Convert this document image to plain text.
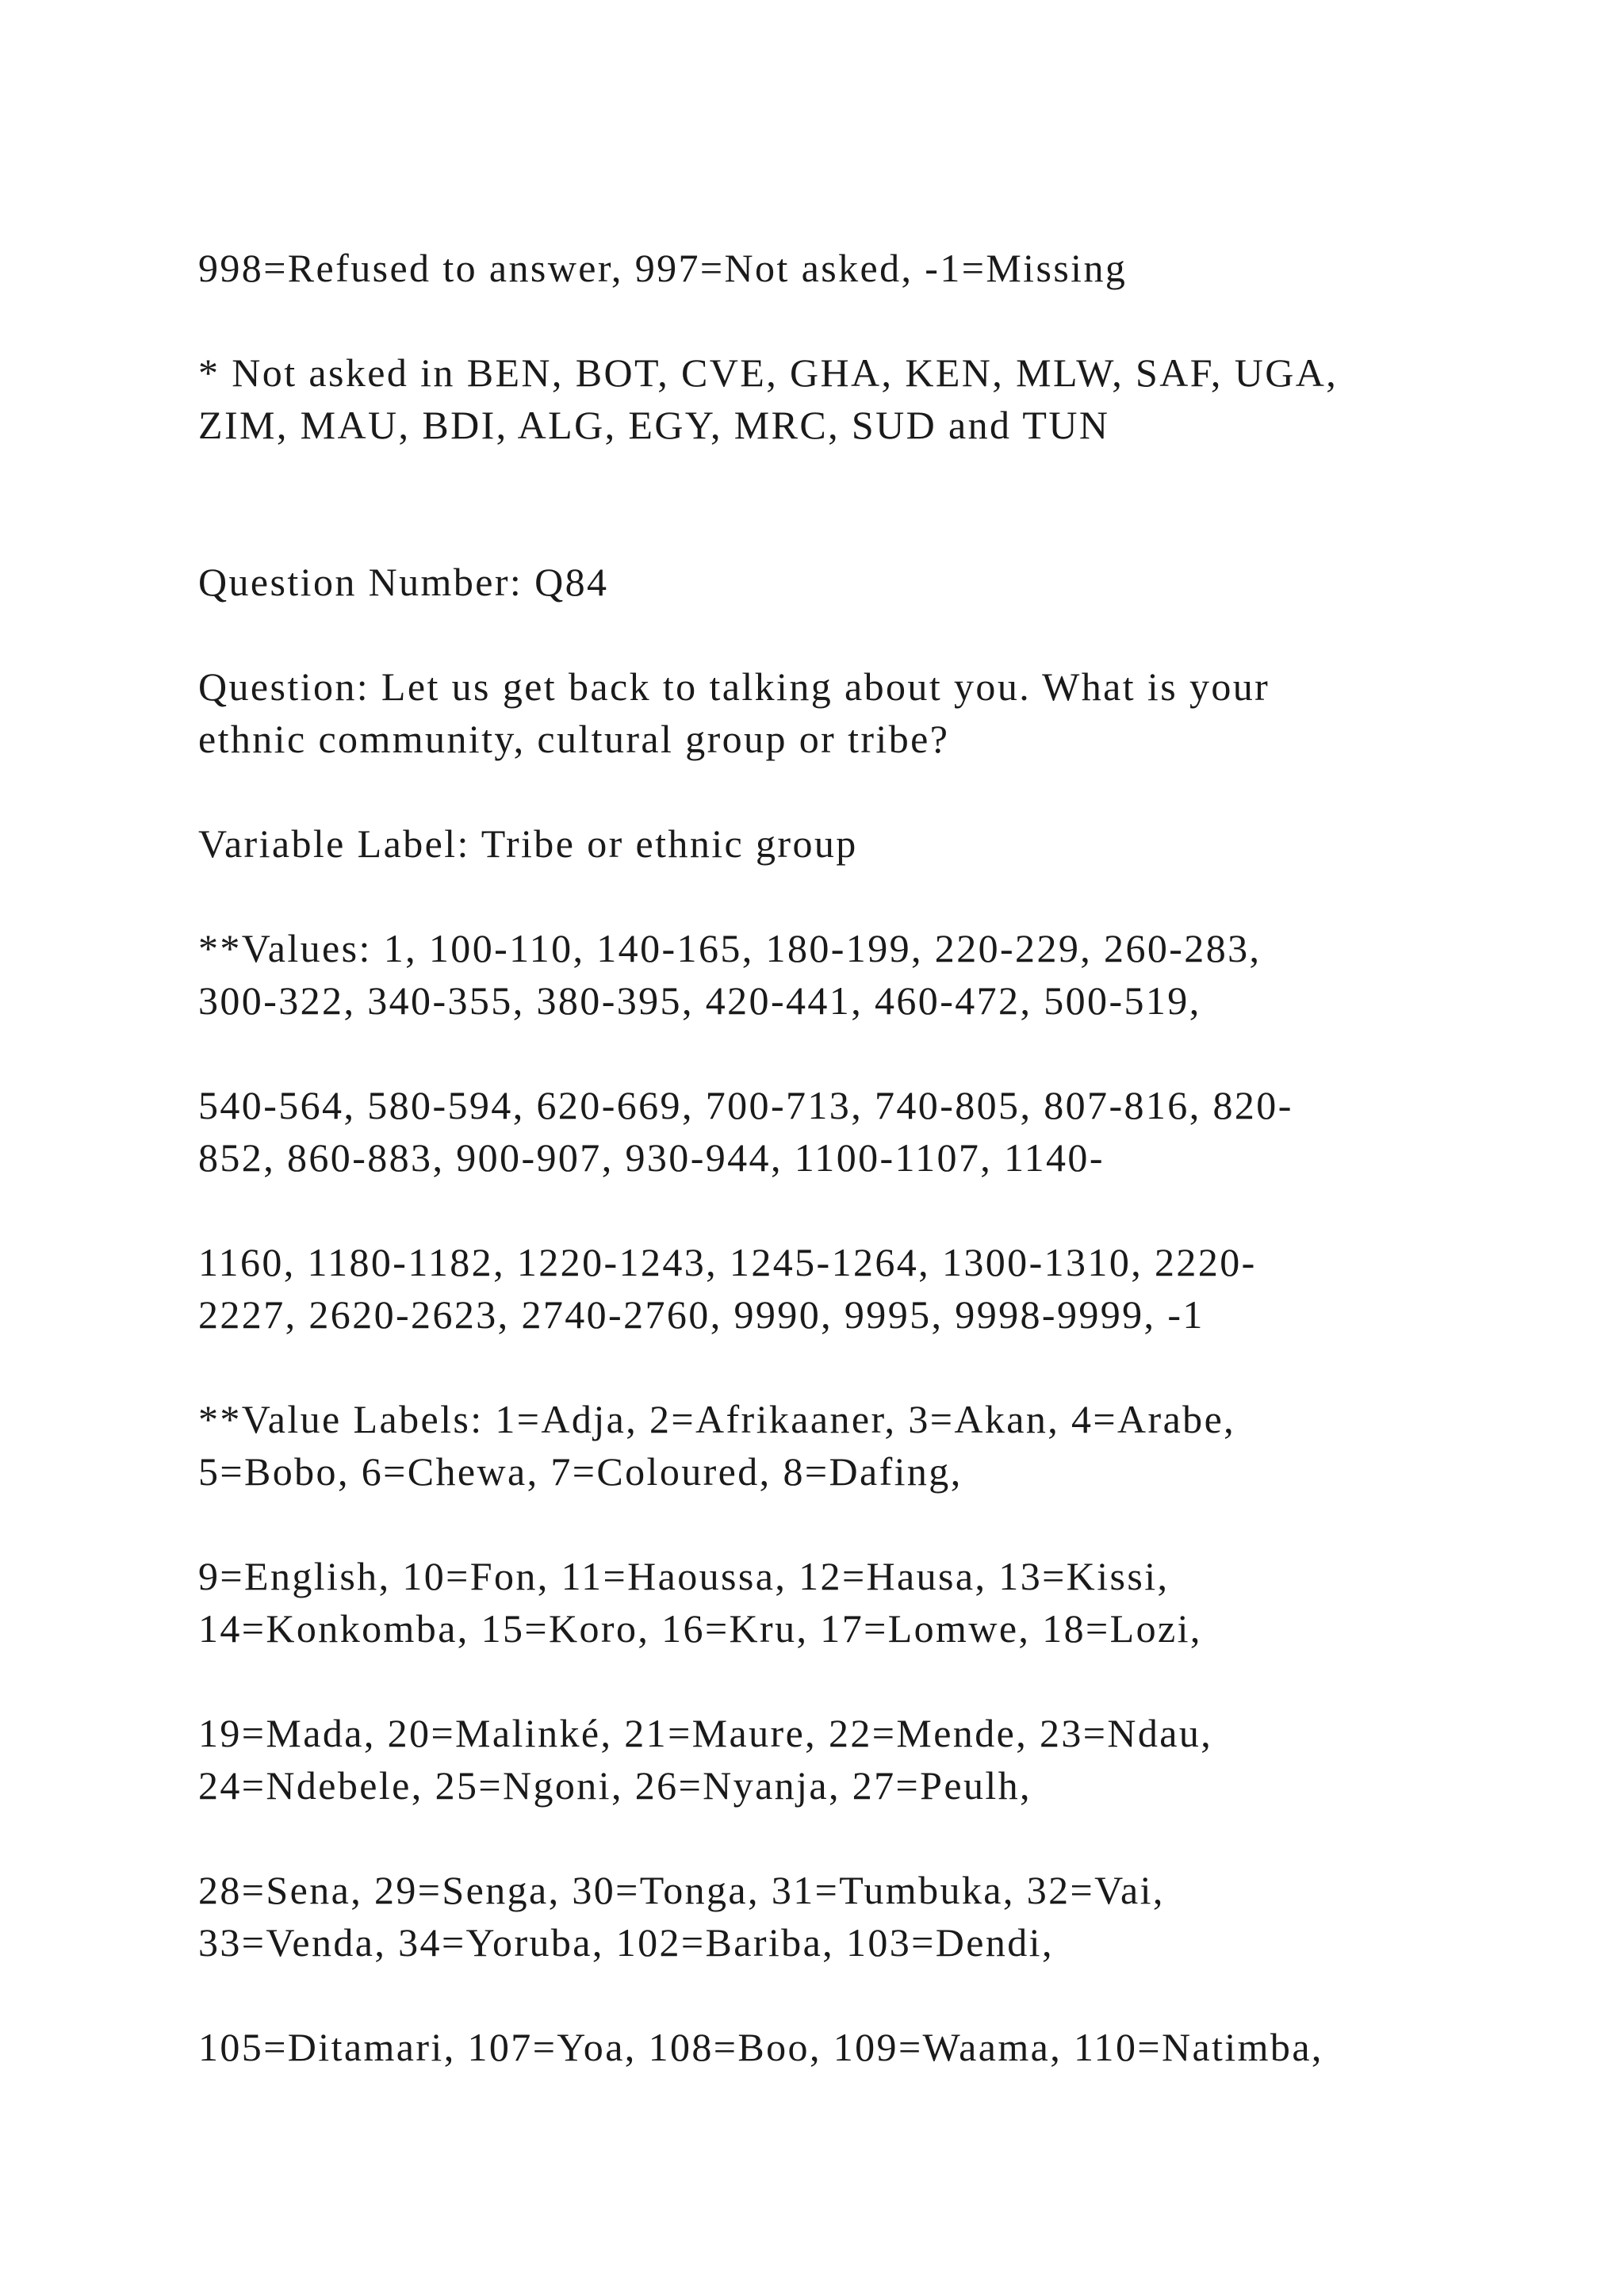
998=Refused to answer, 997=Not asked, -1=Missing

* Not asked in BEN, BOT, CVE, GHA, KEN, MLW, SAF, UGA,
ZIM, MAU, BDI, ALG, EGY, MRC, SUD and TUN

Question Number: Q84

Question: Let us get back to talking about you. What is your
ethnic community, cultural group or tribe?

Variable Label: Tribe or ethnic group

**Values: 1, 100-110, 140-165, 180-199, 220-229, 260-283,
300-322, 340-355, 380-395, 420-441, 460-472, 500-519,

540-564, 580-594, 620-669, 700-713, 740-805, 807-816, 820-
852, 860-883, 900-907, 930-944, 1100-1107, 1140-

1160, 1180-1182, 1220-1243, 1245-1264, 1300-1310, 2220-
2227, 2620-2623, 2740-2760, 9990, 9995, 9998-9999, -1

**Value Labels: 1=Adja, 2=Afrikaaner, 3=Akan, 4=Arabe,
5=Bobo, 6=Chewa, 7=Coloured, 8=Dafing,

9=English, 10=Fon, 11=Haoussa, 12=Hausa, 13=Kissi,
14=Konkomba, 15=Koro, 16=Kru, 17=Lomwe, 18=Lozi,

19=Mada, 20=Malinké, 21=Maure, 22=Mende, 23=Ndau,
24=Ndebele, 25=Ngoni, 26=Nyanja, 27=Peulh,

28=Sena, 29=Senga, 30=Tonga, 31=Tumbuka, 32=Vai,
33=Venda, 34=Yoruba, 102=Bariba, 103=Dendi,

105=Ditamari, 107=Yoa, 108=Boo, 109=Waama, 110=Natimba,
